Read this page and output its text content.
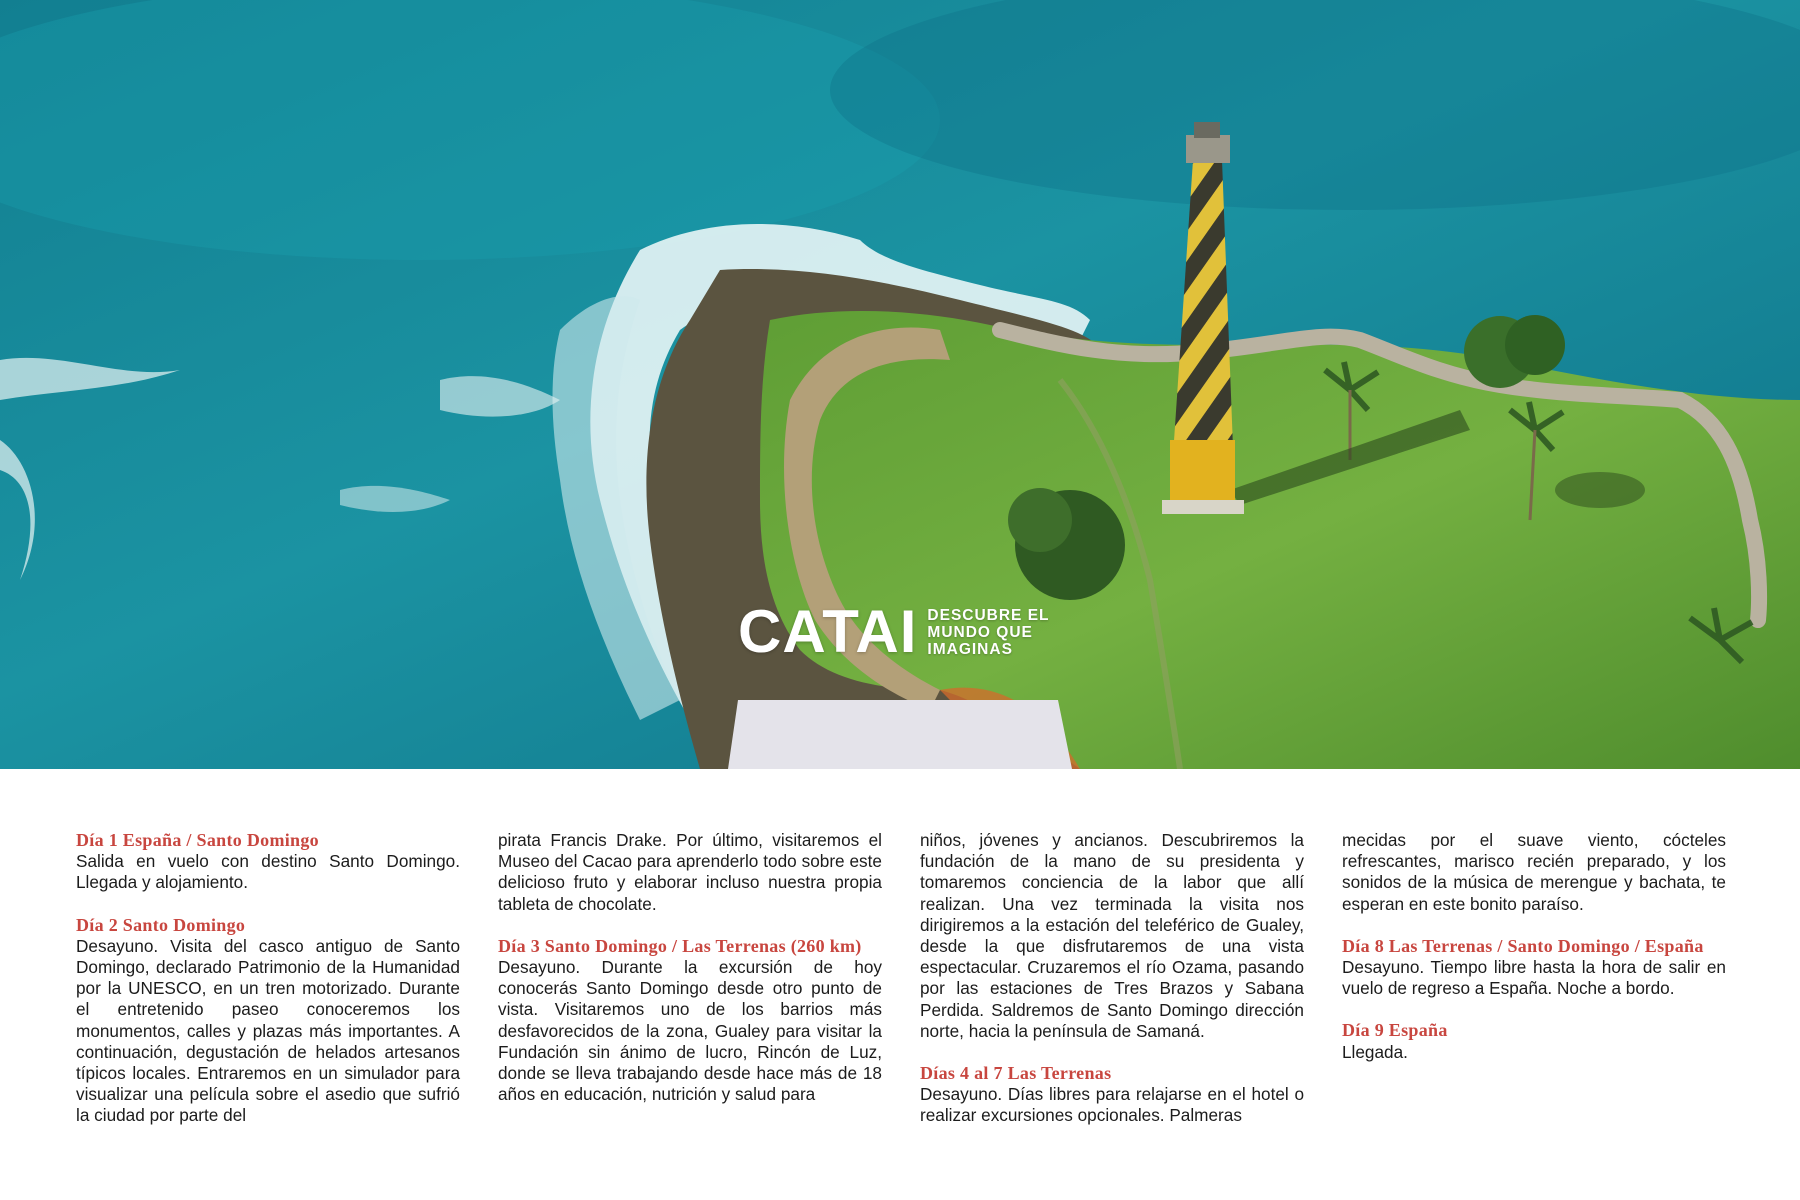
CATAI DESCUBRE EL
MUNDO QUE
IMAGINAS
Día 1 España / Santo Domingo

Salida en vuelo con destino Santo Domingo. Llegada y alojamiento.

Día 2 Santo Domingo

Desayuno. Visita del casco antiguo de Santo Domingo, declarado Patrimonio de la Humanidad por la UNESCO, en un tren motorizado. Durante el entretenido paseo conoceremos los monumentos, calles y plazas más importantes. A continuación, degustación de helados artesanos típicos locales. Entraremos en un simulador para visualizar una película sobre el asedio que sufrió la ciudad por parte del

pirata Francis Drake. Por último, visitaremos el Museo del Cacao para aprenderlo todo sobre este delicioso fruto y elaborar incluso nuestra propia tableta de chocolate.

Día 3 Santo Domingo / Las Terrenas (260 km)

Desayuno. Durante la excursión de hoy conocerás Santo Domingo desde otro punto de vista. Visitaremos uno de los barrios más desfavorecidos de la zona, Gualey para visitar la Fundación sin ánimo de lucro, Rincón de Luz, donde se lleva trabajando desde hace más de 18 años en educación, nutrición y salud para

niños, jóvenes y ancianos. Descubriremos la fundación de la mano de su presidenta y tomaremos conciencia de la labor que allí realizan. Una vez terminada la visita nos dirigiremos a la estación del teleférico de Gualey, desde la que disfrutaremos de una vista espectacular. Cruzaremos el río Ozama, pasando por las estaciones de Tres Brazos y Sabana Perdida. Saldremos de Santo Domingo dirección norte, hacia la península de Samaná.

Días 4 al 7 Las Terrenas

Desayuno. Días libres para relajarse en el hotel o realizar excursiones opcionales. Palmeras

mecidas por el suave viento, cócteles refrescantes, marisco recién preparado, y los sonidos de la música de merengue y bachata, te esperan en este bonito paraíso.

Día 8 Las Terrenas / Santo Domingo / España

Desayuno. Tiempo libre hasta la hora de salir en vuelo de regreso a España. Noche a bordo.

Día 9 España

Llegada.
